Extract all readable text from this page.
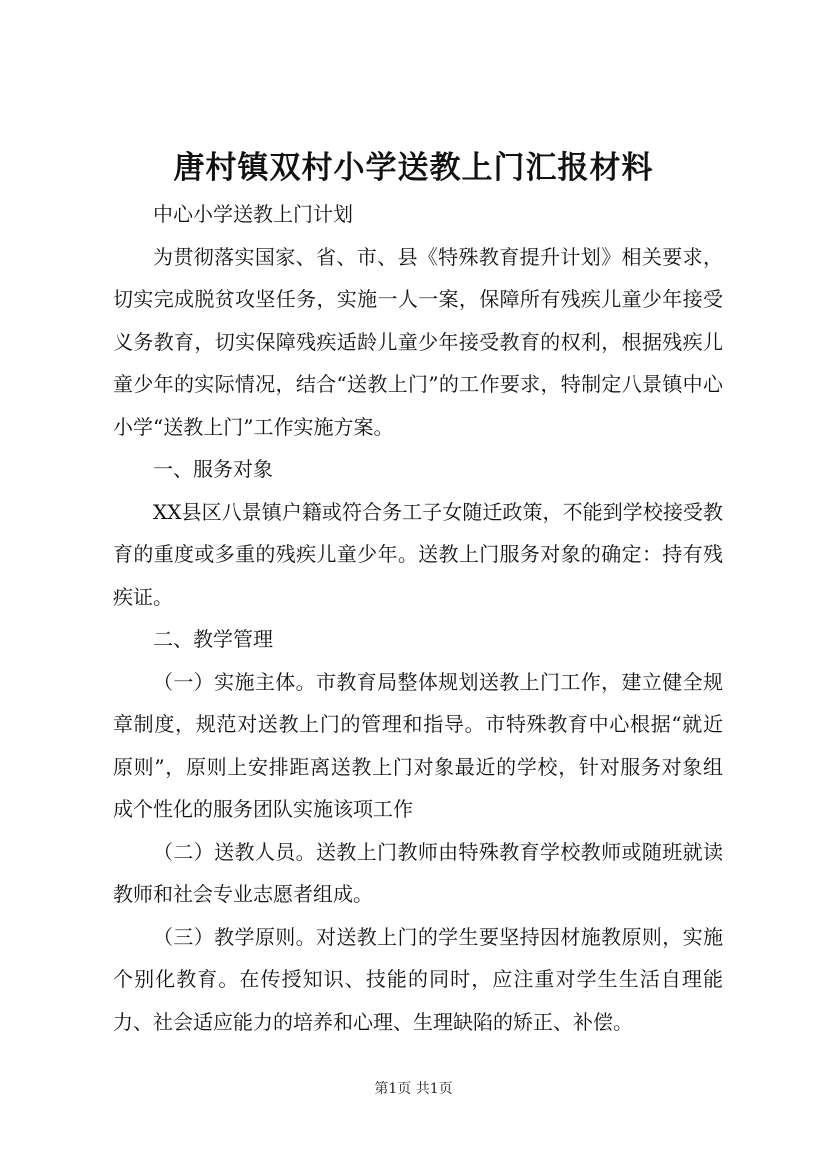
唐村镇双村小学送教上门汇报材料

中心小学送教上门计划

为贯彻落实国家、省、市、县《特殊教育提升计划》相关要求，切实完成脱贫攻坚任务，实施一人一案，保障所有残疾儿童少年接受义务教育，切实保障残疾适龄儿童少年接受教育的权利，根据残疾儿童少年的实际情况，结合“送教上门”的工作要求，特制定八景镇中心小学“送教上门”工作实施方案。

一、服务对象

XX县区八景镇户籍或符合务工子女随迁政策，不能到学校接受教育的重度或多重的残疾儿童少年。送教上门服务对象的确定：持有残疾证。

二、教学管理

（一）实施主体。市教育局整体规划送教上门工作，建立健全规章制度，规范对送教上门的管理和指导。市特殊教育中心根据“就近原则”，原则上安排距离送教上门对象最近的学校，针对服务对象组成个性化的服务团队实施该项工作

（二）送教人员。送教上门教师由特殊教育学校教师或随班就读教师和社会专业志愿者组成。

（三）教学原则。对送教上门的学生要坚持因材施教原则，实施个别化教育。在传授知识、技能的同时，应注重对学生生活自理能力、社会适应能力的培养和心理、生理缺陷的矫正、补偿。

第1页 共1页
